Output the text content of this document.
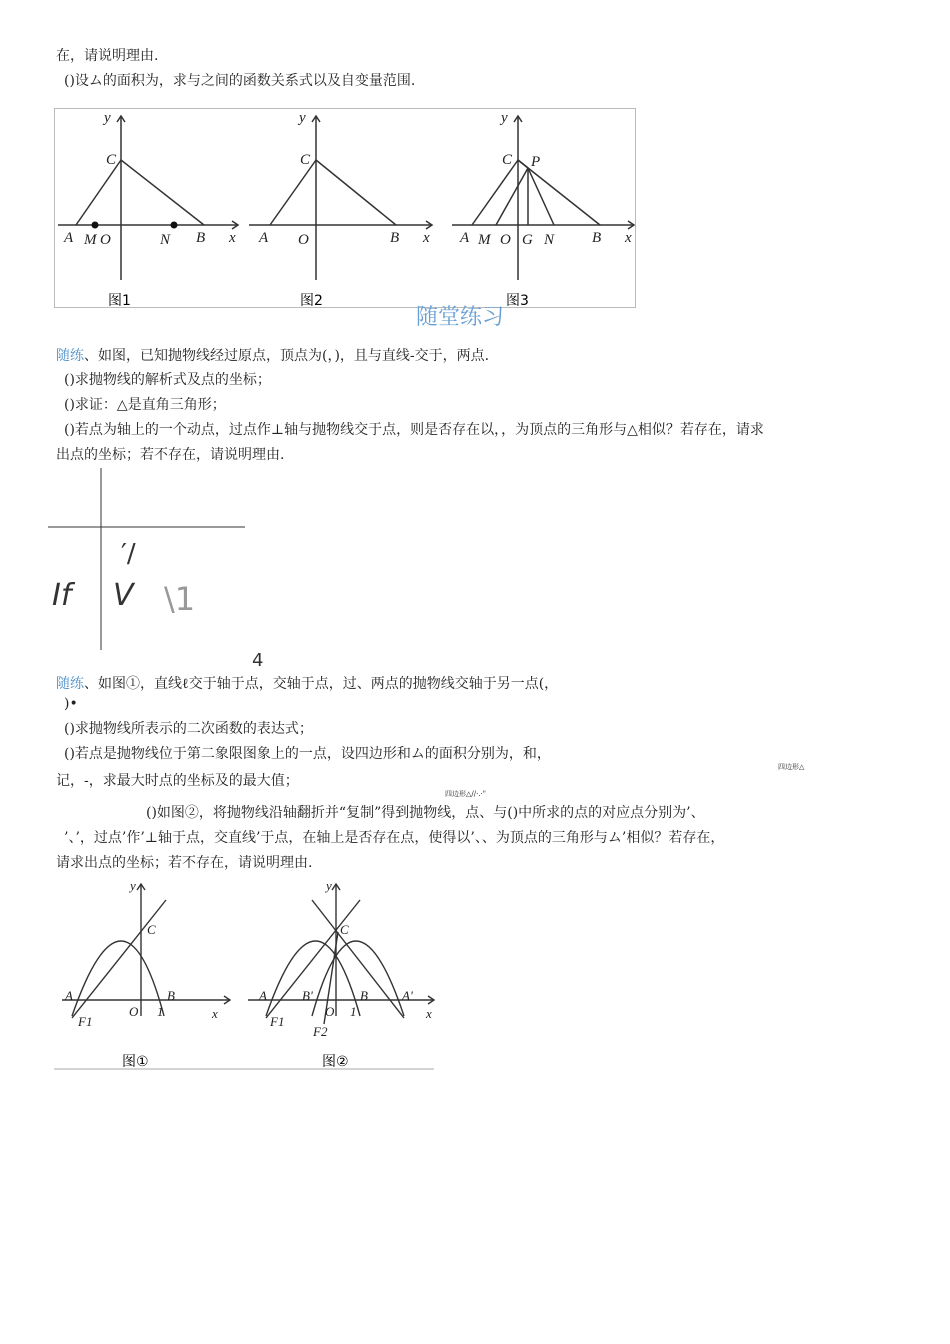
在，请说明理由.
()设ム的面积为，求与之间的函数关系式以及自变量范围.
y
C
A M O	N B x
图1
y
C
A O	B x
图2
y
C P
A M O G N	B x
图3
随堂练习
随练、如图，已知抛物线经过原点，顶点为(，)，且与直线-交于，两点.
()求抛物线的解析式及点的坐标；
()求证：△是直角三角形；
()若点为轴上的一个动点，过点作⊥轴与抛物线交于点，则是否存在以，，为顶点的三角形与△相似？若存在，请求
出点的坐标；若不存在，请说明理由.
′/
If V \1
4
随练、如图①，直线ℓ交于轴于点，交轴于点，过、两点的抛物线交轴于另一点(，
)•
()求抛物线所表示的二次函数的表达式；
()若点是抛物线位于第二象限图象上的一点，设四边形和ム的面积分别为，和，
四边形△
记，-，求最大时点的坐标及的最大值；
四边形△//·.·"
()如图②，将抛物线沿轴翻折并“复制”得到抛物线，点、与()中所求的点的对应点分别为’、
’、’，过点’作’⊥轴于点，交直线’于点，在轴上是否存在点，使得以’、、为顶点的三角形与ム’相似？若存在，
请求出点的坐标；若不存在，请说明理由.
y
C
A	B
F1
O 1	x
图①
y
C
A	B'	B	A'
F1
F2
O 1	x
图②
